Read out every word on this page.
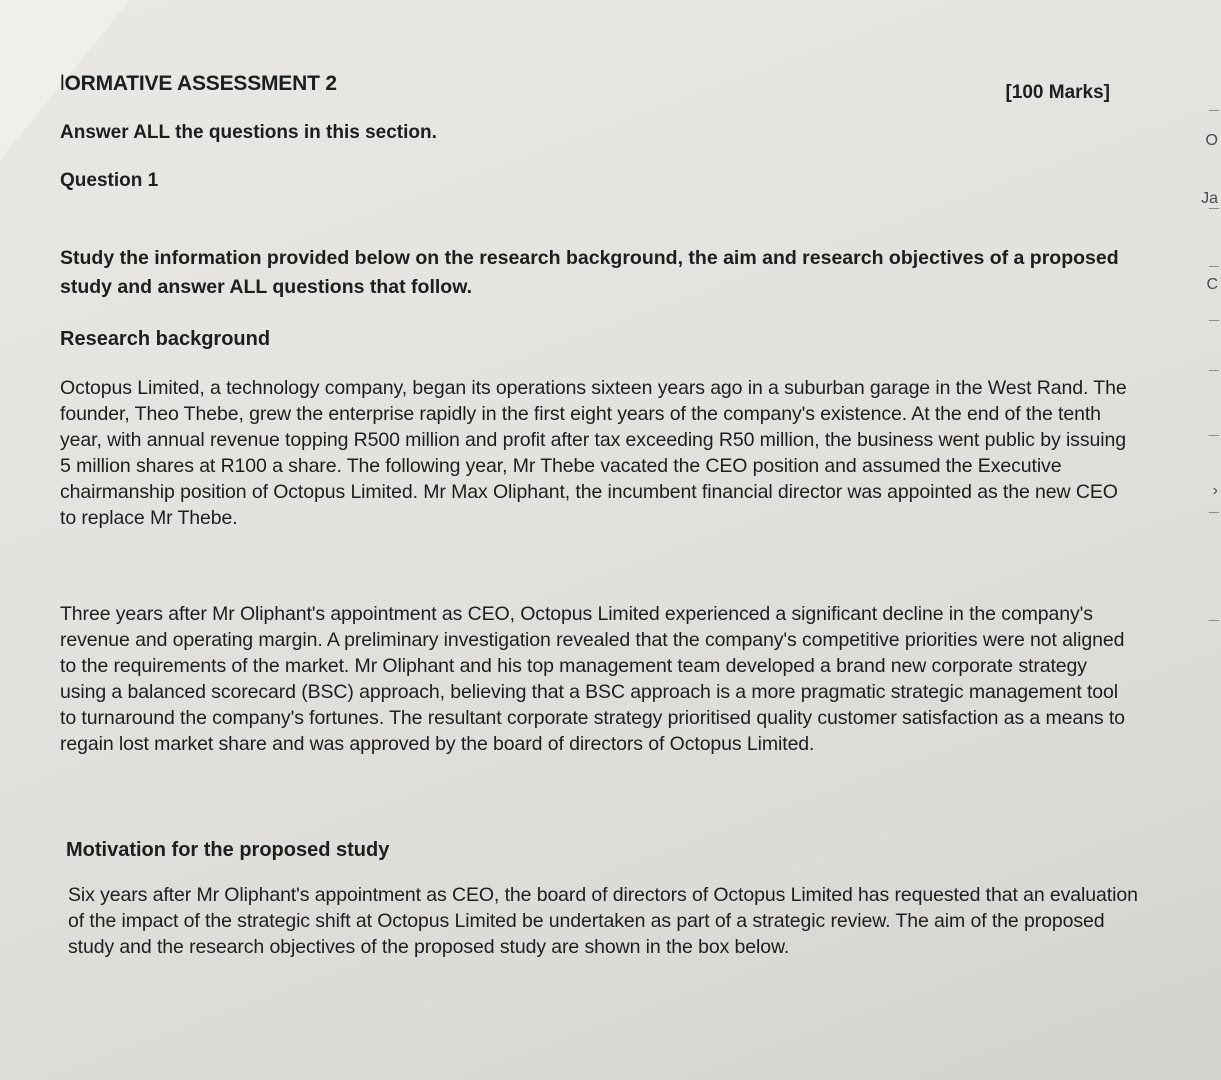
O
Ja
C
›
ƖORMATIVE ASSESSMENT 2	[100 Marks]

Answer ALL the questions in this section.

Question 1

Study the information provided below on the research background, the aim and research objectives of a proposed study and answer ALL questions that follow.

Research background

Octopus Limited, a technology company, began its operations sixteen years ago in a suburban garage in the West Rand. The founder, Theo Thebe, grew the enterprise rapidly in the first eight years of the company's existence. At the end of the tenth year, with annual revenue topping R500 million and profit after tax exceeding R50 million, the business went public by issuing 5 million shares at R100 a share. The following year, Mr Thebe vacated the CEO position and assumed the Executive chairmanship position of Octopus Limited. Mr Max Oliphant, the incumbent financial director was appointed as the new CEO to replace Mr Thebe.

Three years after Mr Oliphant's appointment as CEO, Octopus Limited experienced a significant decline in the company's revenue and operating margin. A preliminary investigation revealed that the company's competitive priorities were not aligned to the requirements of the market. Mr Oliphant and his top management team developed a brand new corporate strategy using a balanced scorecard (BSC) approach, believing that a BSC approach is a more pragmatic strategic management tool to turnaround the company's fortunes. The resultant corporate strategy prioritised quality customer satisfaction as a means to regain lost market share and was approved by the board of directors of Octopus Limited.

Motivation for the proposed study

Six years after Mr Oliphant's appointment as CEO, the board of directors of Octopus Limited has requested that an evaluation of the impact of the strategic shift at Octopus Limited be undertaken as part of a strategic review. The aim of the proposed study and the research objectives of the proposed study are shown in the box below.
